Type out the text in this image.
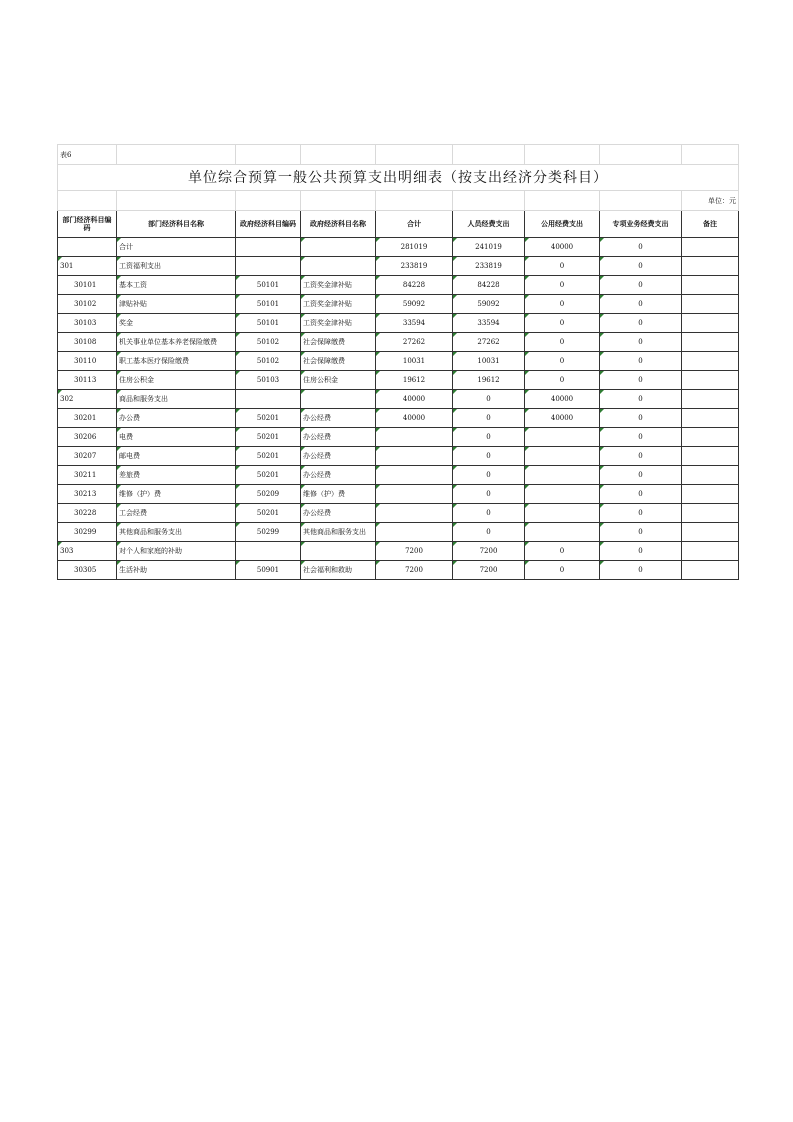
表6								
单位综合预算一般公共预算支出明细表（按支出经济分类科目）								
								单位：元
部门经济科目编码	部门经济科目名称	政府经济科目编码	政府经济科目名称	合计	人员经费支出	公用经费支出	专项业务经费支出	备注
	合计			281019	241019	40000	0	
301	工资福利支出			233819	233819	0	0	
30101	基本工资	50101	工资奖金津补贴	84228	84228	0	0	
30102	津贴补贴	50101	工资奖金津补贴	59092	59092	0	0	
30103	奖金	50101	工资奖金津补贴	33594	33594	0	0	
30108	机关事业单位基本养老保险缴费	50102	社会保障缴费	27262	27262	0	0	
30110	职工基本医疗保险缴费	50102	社会保障缴费	10031	10031	0	0	
30113	住房公积金	50103	住房公积金	19612	19612	0	0	
302	商品和服务支出			40000	0	40000	0	
30201	办公费	50201	办公经费	40000	0	40000	0	
30206	电费	50201	办公经费		0		0	
30207	邮电费	50201	办公经费		0		0	
30211	差旅费	50201	办公经费		0		0	
30213	维修（护）费	50209	维修（护）费		0		0	
30228	工会经费	50201	办公经费		0		0	
30299	其他商品和服务支出	50299	其他商品和服务支出		0		0	
303	对个人和家庭的补助			7200	7200	0	0	
30305	生活补助	50901	社会福利和救助	7200	7200	0	0	
